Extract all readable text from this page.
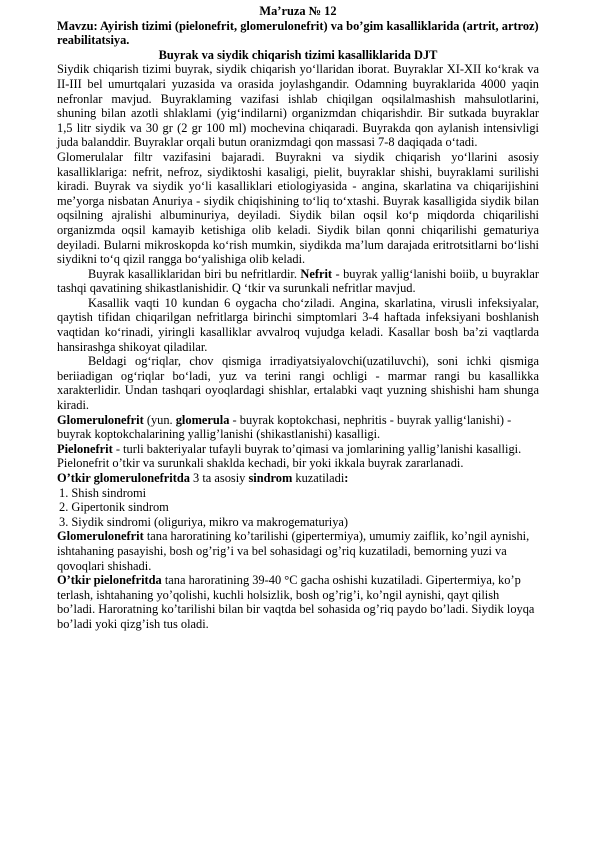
Ma’ruza № 12

Mavzu: Ayirish tizimi (pielonefrit, glomerulonefrit) va bo’gim kasalliklarida (artrit, artroz) reabilitatsiya.

Buyrak va siydik chiqarish tizimi kasalliklarida DJT

Siydik chiqarish tizimi buyrak, siydik chiqarish yo‘llaridan iborat. Buyraklar XI-XII ko‘krak va II-III bel umurtqalari yuzasida va orasida joylashgandir. Odamning buyraklarida 4000 yaqin nefronlar mavjud. Buyraklaming vazifasi ishlab chiqilgan oqsilalmashish mahsulotlarini, shuning bilan azotli shlaklami (yig‘indilarni) organizmdan chiqarishdir. Bir sutkada buyraklar 1,5 litr siydik va 30 gr (2 gr 100 ml) mochevina chiqaradi. Buyrakda qon aylanish intensivligi juda balanddir. Buyraklar orqali butun oranizmdagi qon massasi 7-8 daqiqada o‘tadi.

Glomerulalar filtr vazifasini bajaradi. Buyrakni va siydik chiqarish yo‘llarini asosiy kasalliklariga: nefrit, nefroz, siydiktoshi kasaligi, pielit, buyraklar shishi, buyraklami surilishi kiradi. Buyrak va siydik yo‘li kasalliklari etiologiyasida - angina, skarlatina va chiqarijishini me’yorga nisbatan Anuriya - siydik chiqishining to‘liq to‘xtashi. Buyrak kasalligida siydik bilan oqsilning ajralishi albuminuriya, deyiladi. Siydik bilan oqsil ko‘p miqdorda chiqarilishi organizmda oqsil kamayib ketishiga olib keladi. Siydik bilan qonni chiqarilishi gematuriya deyiladi. Bularni mikroskopda ko‘rish mumkin, siydikda ma’lum darajada eritrotsitlarni bo‘lishi siydikni to‘q qizil rangga bo‘yalishiga olib keladi.

Buyrak kasalliklaridan biri bu nefritlardir. Nefrit - buyrak yallig‘lanishi boiib, u buyraklar tashqi qavatining shikastlanishidir. Q ‘tkir va surunkali nefritlar mavjud.

Kasallik vaqti 10 kundan 6 oygacha cho‘ziladi. Angina, skarlatina, virusli infeksiyalar, qaytish tifidan chiqarilgan nefritlarga birinchi simptomlari 3-4 haftada infeksiyani boshlanish vaqtidan ko‘rinadi, yiringli kasalliklar avvalroq vujudga keladi. Kasallar bosh ba’zi vaqtlarda hansirashga shikoyat qiladilar.

Beldagi og‘riqlar, chov qismiga irradiyatsiyalovchi(uzatiluvchi), soni ichki qismiga beriiadigan og‘riqlar bo‘ladi, yuz va terini rangi ochligi - marmar rangi bu kasallikka xarakterlidir. Undan tashqari oyoqlardagi shishlar, ertalabki vaqt yuzning shishishi ham shunga kiradi.

Glomerulonefrit (yun. glomerula - buyrak koptokchasi, nephritis - buyrak yallig‘lanishi) - buyrak koptokchalarining yallig’lanishi (shikastlanishi) kasalligi.

Pielonefrit - turli bakteriyalar tufayli buyrak to’qimasi va jomlarining yallig’lanishi kasalligi.

Pielonefrit o’tkir va surunkali shaklda kechadi, bir yoki ikkala buyrak zararlanadi.

O’tkir glomerulonefritda 3 ta asosiy sindrom kuzatiladi:

1. Shish sindromi

2. Gipertonik sindrom

3. Siydik sindromi (oliguriya, mikro va makrogematuriya)

Glomerulonefrit tana haroratining ko’tarilishi (gipertermiya), umumiy zaiflik, ko’ngil aynishi, ishtahaning pasayishi, bosh og’rig’i va bel sohasidagi og’riq kuzatiladi, bemorning yuzi va qovoqlari shishadi.

O’tkir pielonefritda tana haroratining 39-40 °C gacha oshishi kuzatiladi. Gipertermiya, ko’p terlash, ishtahaning yo’qolishi, kuchli holsizlik, bosh og’rig’i, ko’ngil aynishi, qayt qilish bo’ladi. Haroratning ko’tarilishi bilan bir vaqtda bel sohasida og’riq paydo bo’ladi. Siydik loyqa bo’ladi yoki qizg’ish tus oladi.
